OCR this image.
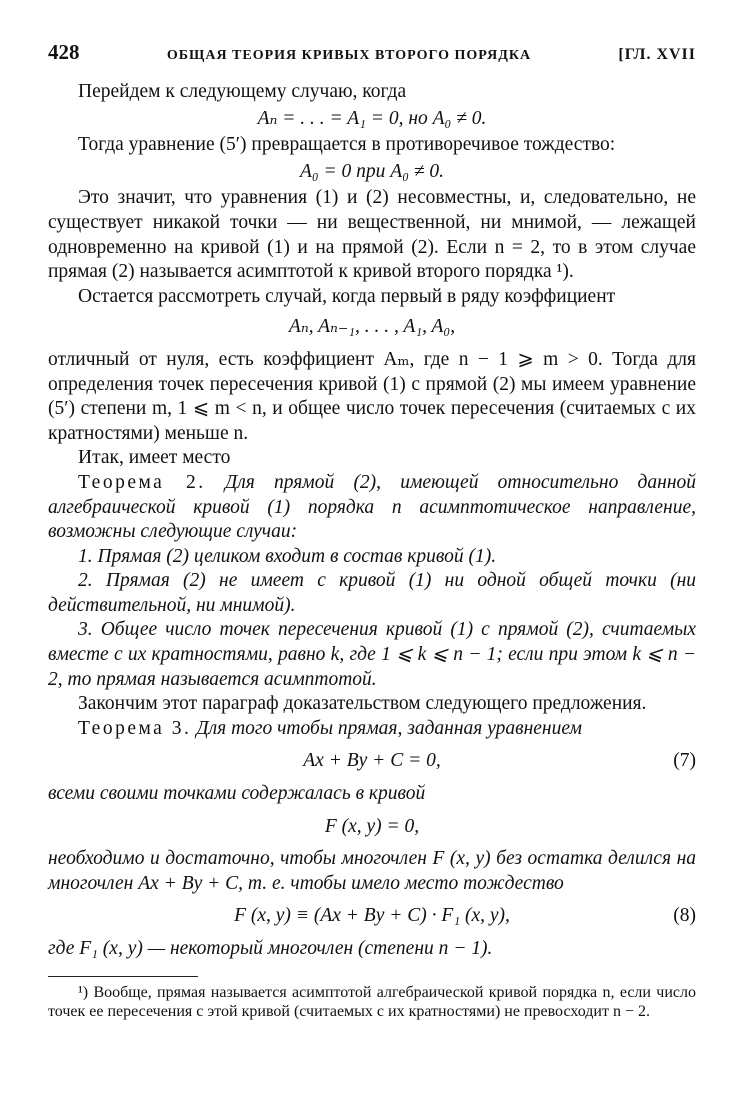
428	ОБЩАЯ ТЕОРИЯ КРИВЫХ ВТОРОГО ПОРЯДКА	[ГЛ. XVII

Перейдем к следующему случаю, когда

Aₙ = . . . = A₁ = 0, но A₀ ≠ 0.

Тогда уравнение (5′) превращается в противоречивое тождество:

A₀ = 0 при A₀ ≠ 0.

Это значит, что уравнения (1) и (2) несовместны, и, следовательно, не существует никакой точки — ни вещественной, ни мнимой, — лежащей одновременно на кривой (1) и на прямой (2). Если n = 2, то в этом случае прямая (2) называется асимптотой к кривой второго порядка ¹).

Остается рассмотреть случай, когда первый в ряду коэффициент

Aₙ, Aₙ₋₁, . . . , A₁, A₀,

отличный от нуля, есть коэффициент Aₘ, где n − 1 ⩾ m > 0. Тогда для определения точек пересечения кривой (1) с прямой (2) мы имеем уравнение (5′) степени m, 1 ⩽ m < n, и общее число точек пересечения (считаемых с их кратностями) меньше n.

Итак, имеет место

Теорема 2. Для прямой (2), имеющей относительно данной алгебраической кривой (1) порядка n асимптотическое направление, возможны следующие случаи:

1. Прямая (2) целиком входит в состав кривой (1).

2. Прямая (2) не имеет с кривой (1) ни одной общей точки (ни действительной, ни мнимой).

3. Общее число точек пересечения кривой (1) с прямой (2), считаемых вместе с их кратностями, равно k, где 1 ⩽ k ⩽ n − 1; если при этом k ⩽ n − 2, то прямая называется асимптотой.

Закончим этот параграф доказательством следующего предложения.

Теорема 3. Для того чтобы прямая, заданная уравнением

Ax + By + C = 0,	(7)

всеми своими точками содержалась в кривой

F (x, y) = 0,

необходимо и достаточно, чтобы многочлен F (x, y) без остатка делился на многочлен Ax + By + C, т. е. чтобы имело место тождество

F (x, y) ≡ (Ax + By + C) · F₁ (x, y),	(8)

где F₁ (x, y) — некоторый многочлен (степени n − 1).

¹) Вообще, прямая называется асимптотой алгебраической кривой порядка n, если число точек ее пересечения с этой кривой (считаемых с их кратностями) не превосходит n − 2.
